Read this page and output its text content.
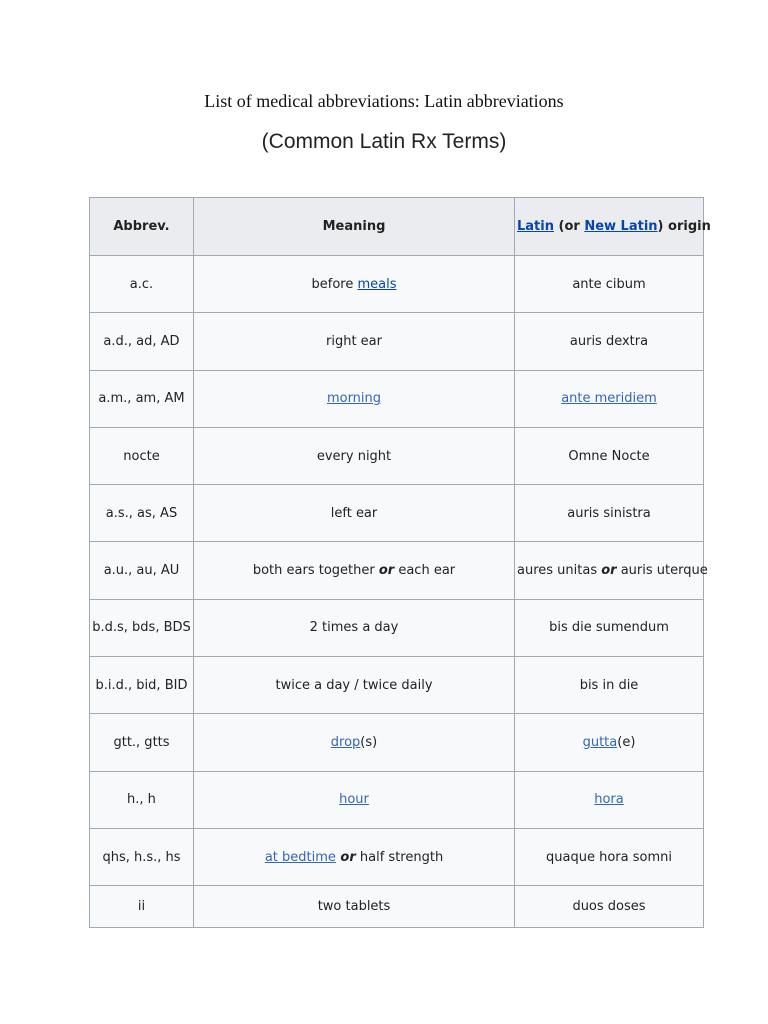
List of medical abbreviations: Latin abbreviations
(Common Latin Rx Terms)
Abbrev.	Meaning	Latin (or New Latin) origin
a.c.	before meals	ante cibum
a.d., ad, AD	right ear	auris dextra
a.m., am, AM	morning	ante meridiem
nocte	every night	Omne Nocte
a.s., as, AS	left ear	auris sinistra
a.u., au, AU	both ears together or each ear	aures unitas or auris uterque
b.d.s, bds, BDS	2 times a day	bis die sumendum
b.i.d., bid, BID	twice a day / twice daily	bis in die
gtt., gtts	drop(s)	gutta(e)
h., h	hour	hora
qhs, h.s., hs	at bedtime or half strength	quaque hora somni
ii	two tablets	duos doses
